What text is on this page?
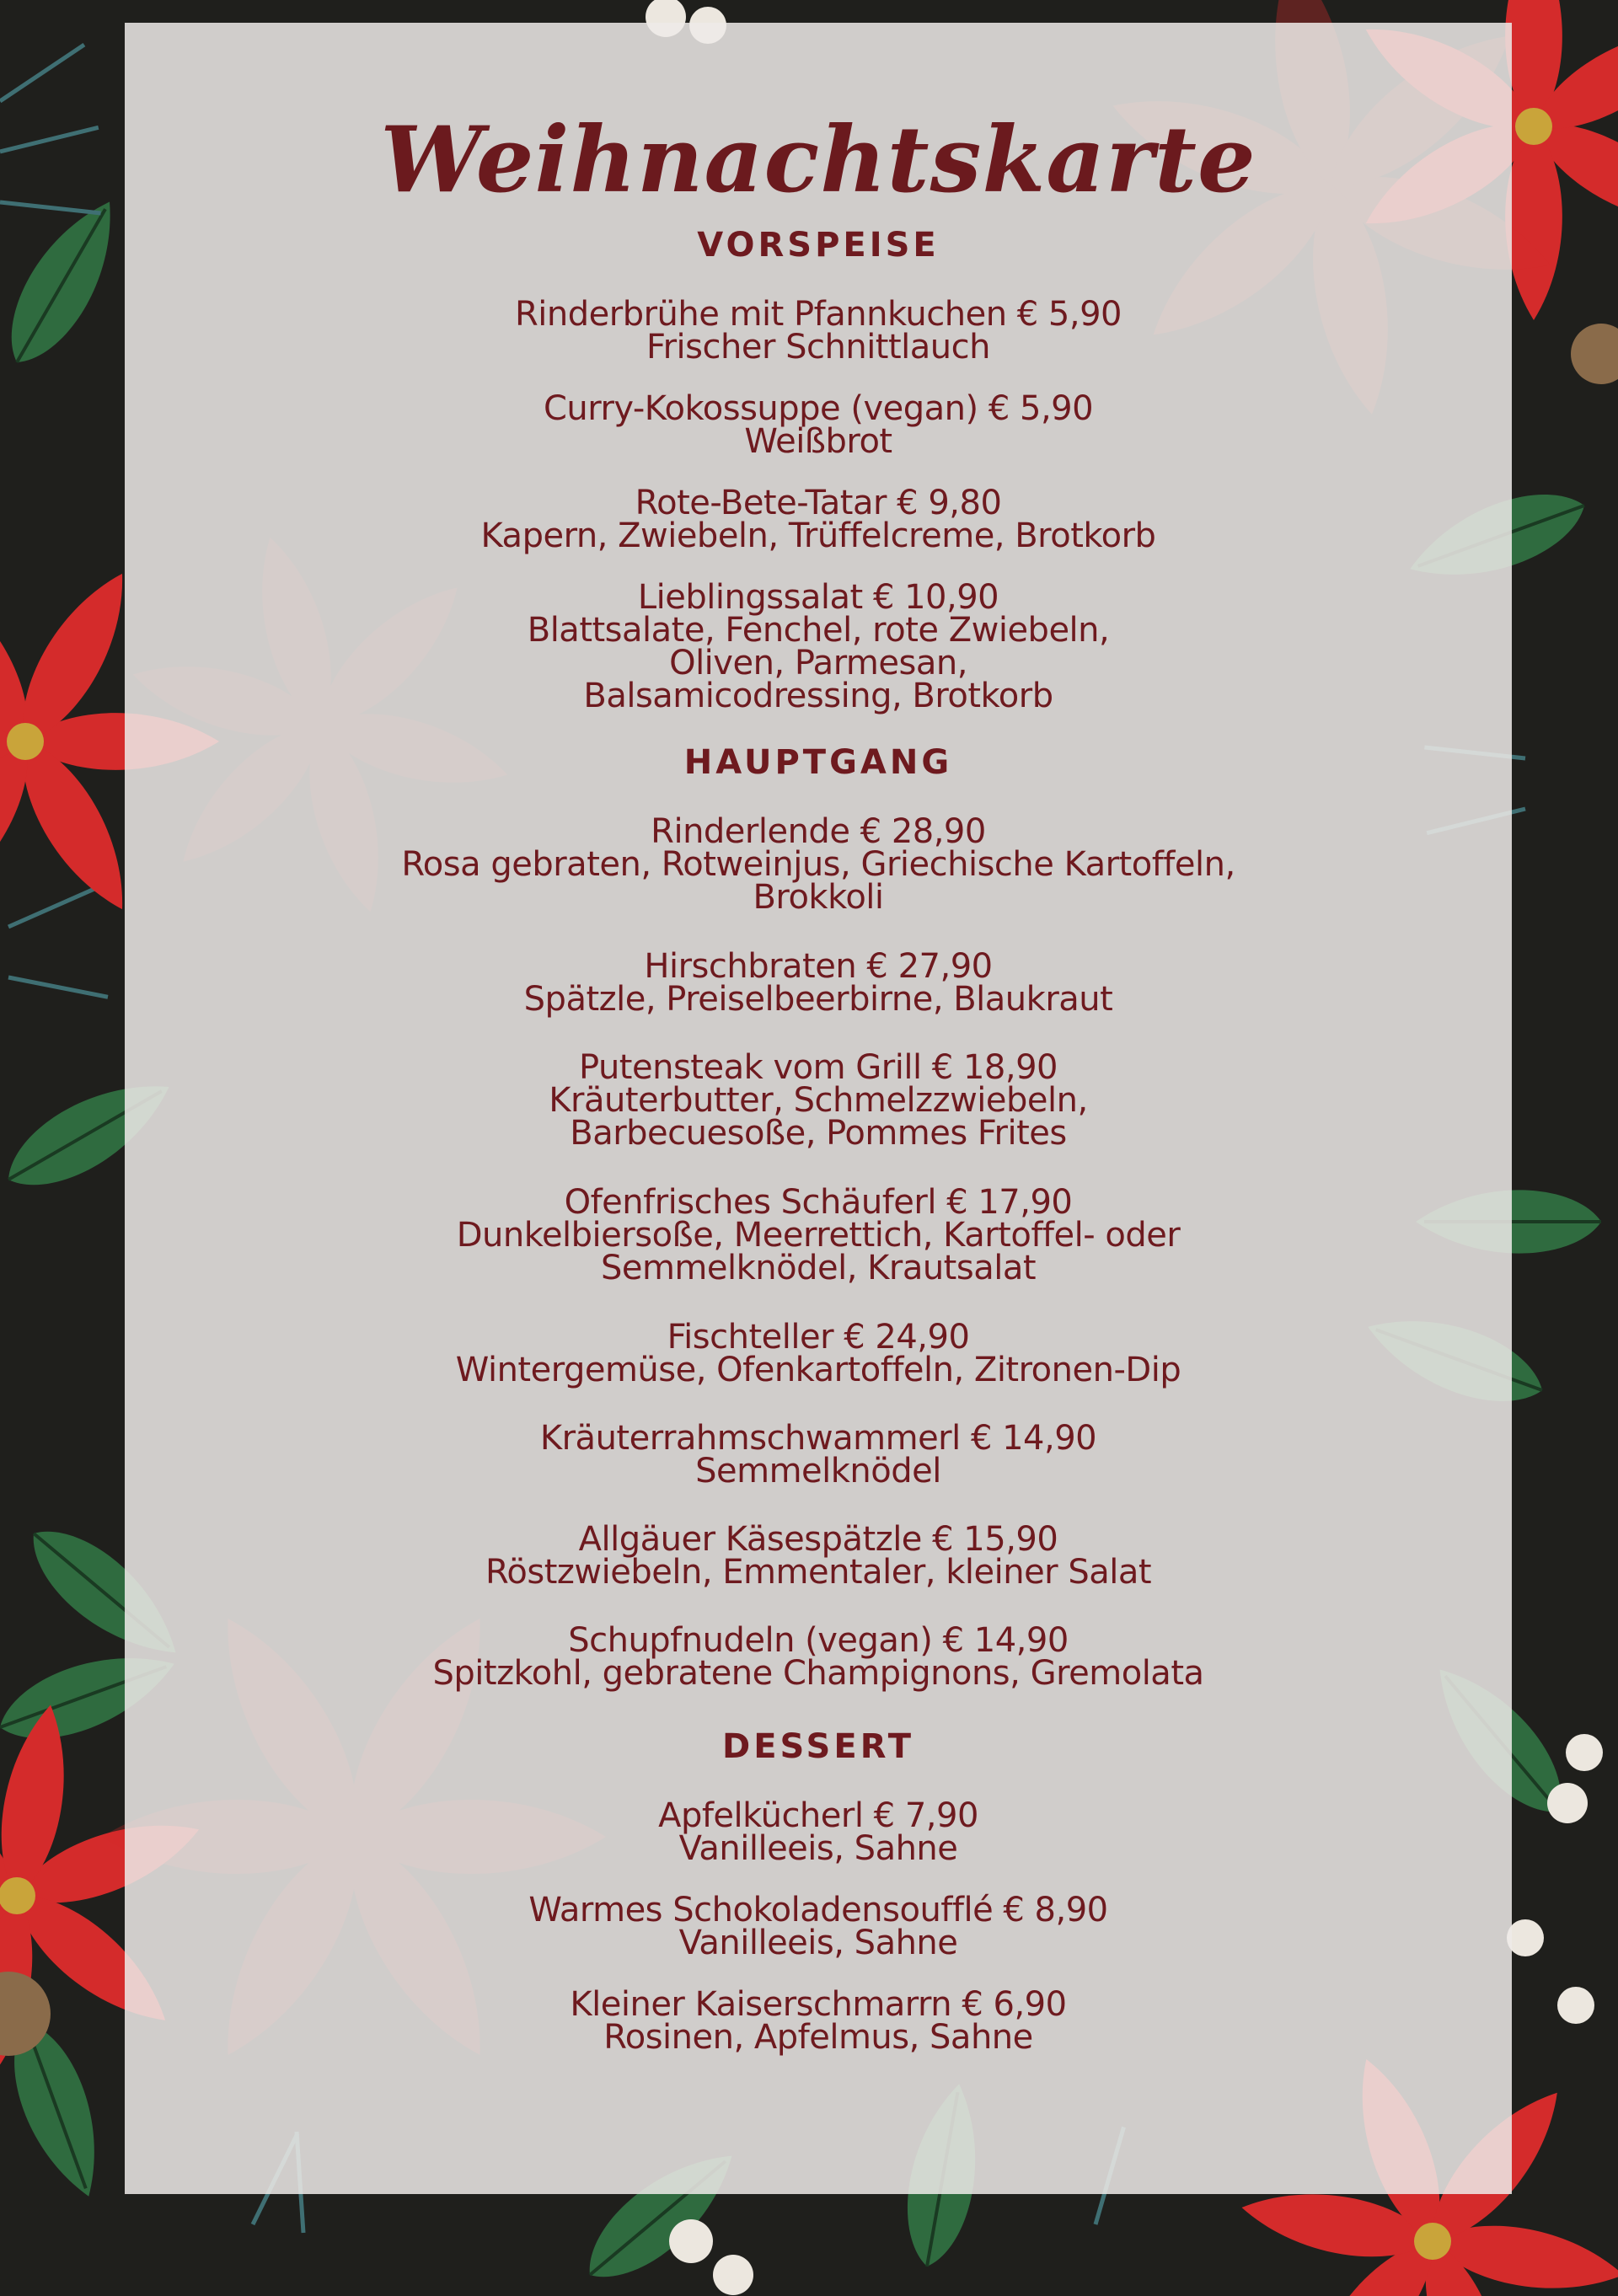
Weihnachtskarte
VORSPEISE
Rinderbrühe mit Pfannkuchen € 5,90
Frischer Schnittlauch
Curry-Kokossuppe (vegan) € 5,90
Weißbrot
Rote-Bete-Tatar € 9,80
Kapern, Zwiebeln, Trüffelcreme, Brotkorb
Lieblingssalat € 10,90
Blattsalate, Fenchel, rote Zwiebeln,
Oliven, Parmesan,
Balsamicodressing, Brotkorb
HAUPTGANG
Rinderlende € 28,90
Rosa gebraten, Rotweinjus, Griechische Kartoffeln,
Brokkoli
Hirschbraten € 27,90
Spätzle, Preiselbeerbirne, Blaukraut
Putensteak vom Grill € 18,90
Kräuterbutter, Schmelzzwiebeln,
Barbecuesoße, Pommes Frites
Ofenfrisches Schäuferl € 17,90
Dunkelbiersoße, Meerrettich, Kartoffel- oder
Semmelknödel, Krautsalat
Fischteller € 24,90
Wintergemüse, Ofenkartoffeln, Zitronen-Dip
Kräuterrahmschwammerl € 14,90
Semmelknödel
Allgäuer Käsespätzle € 15,90
Röstzwiebeln, Emmentaler, kleiner Salat
Schupfnudeln (vegan) € 14,90
Spitzkohl, gebratene Champignons, Gremolata
DESSERT
Apfelkücherl € 7,90
Vanilleeis, Sahne
Warmes Schokoladensoufflé € 8,90
Vanilleeis, Sahne
Kleiner Kaiserschmarrn € 6,90
Rosinen, Apfelmus, Sahne
